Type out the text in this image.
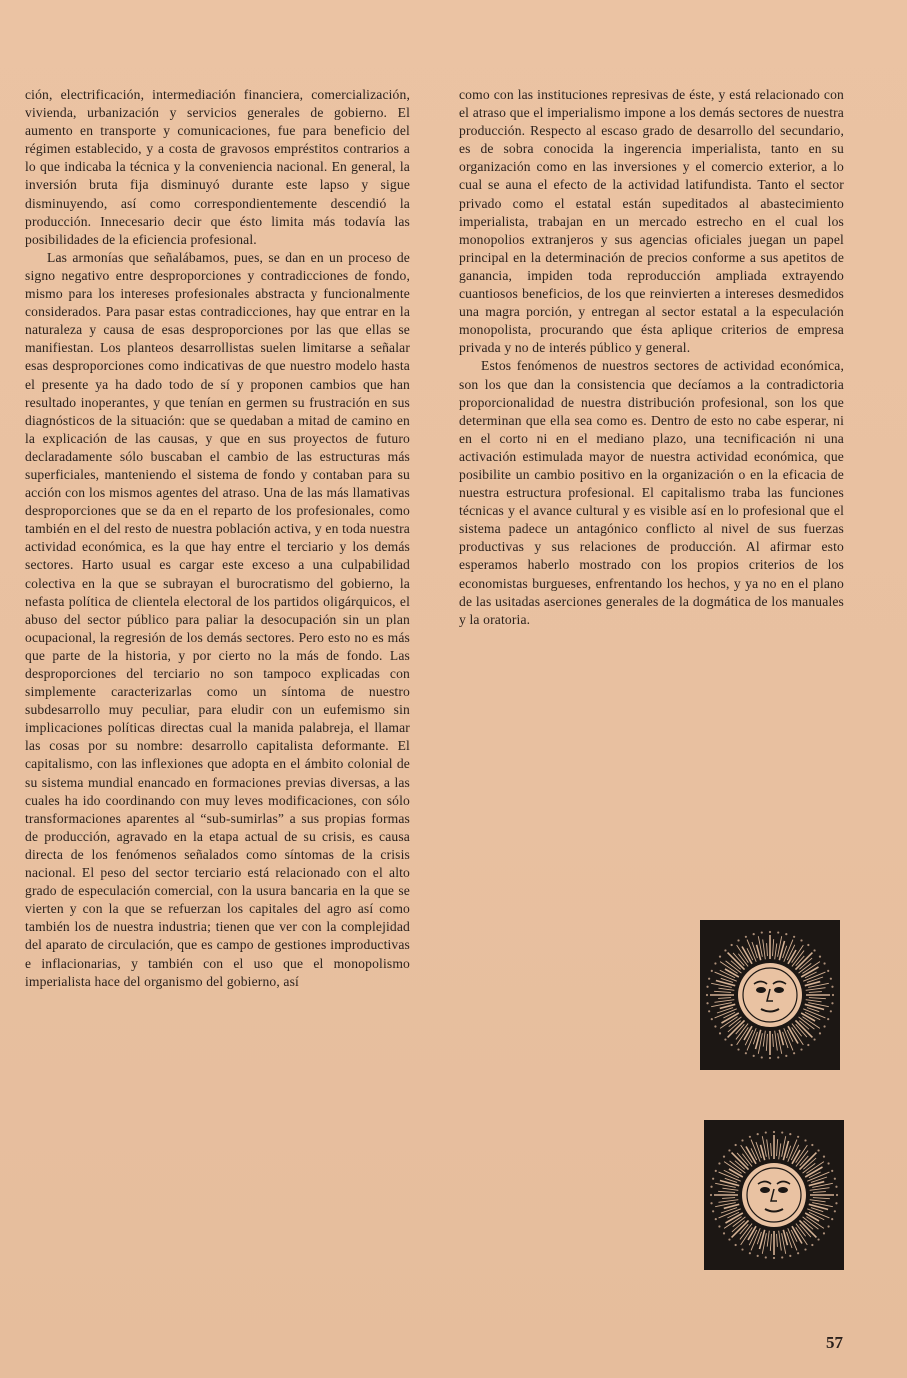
ción, electrificación, intermediación financiera, comercialización, vivienda, urbanización y servicios generales de gobierno. El aumento en transporte y comunicaciones, fue para beneficio del régimen establecido, y a costa de gravosos empréstitos contrarios a lo que indicaba la técnica y la conveniencia nacional. En general, la inversión bruta fija disminuyó durante este lapso y sigue disminuyendo, así como correspondientemente descendió la producción. Innecesario decir que ésto limita más todavía las posibilidades de la eficiencia profesional.

Las armonías que señalábamos, pues, se dan en un proceso de signo negativo entre desproporciones y contradicciones de fondo, mismo para los intereses profesionales abstracta y funcionalmente considerados. Para pasar estas contradicciones, hay que entrar en la naturaleza y causa de esas desproporciones por las que ellas se manifiestan. Los planteos desarrollistas suelen limitarse a señalar esas desproporciones como indicativas de que nuestro modelo hasta el presente ya ha dado todo de sí y proponen cambios que han resultado inoperantes, y que tenían en germen su frustración en sus diagnósticos de la situación: que se quedaban a mitad de camino en la explicación de las causas, y que en sus proyectos de futuro declaradamente sólo buscaban el cambio de las estructuras más superficiales, manteniendo el sistema de fondo y contaban para su acción con los mismos agentes del atraso. Una de las más llamativas desproporciones que se da en el reparto de los profesionales, como también en el del resto de nuestra población activa, y en toda nuestra actividad económica, es la que hay entre el terciario y los demás sectores. Harto usual es cargar este exceso a una culpabilidad colectiva en la que se subrayan el burocratismo del gobierno, la nefasta política de clientela electoral de los partidos oligárquicos, el abuso del sector público para paliar la desocupación sin un plan ocupacional, la regresión de los demás sectores. Pero esto no es más que parte de la historia, y por cierto no la más de fondo. Las desproporciones del terciario no son tampoco explicadas con simplemente caracterizarlas como un síntoma de nuestro subdesarrollo muy peculiar, para eludir con un eufemismo sin implicaciones políticas directas cual la manida palabreja, el llamar las cosas por su nombre: desarrollo capitalista deformante. El capitalismo, con las inflexiones que adopta en el ámbito colonial de su sistema mundial enancado en formaciones previas diversas, a las cuales ha ido coordinando con muy leves modificaciones, con sólo transformaciones aparentes al “sub-sumirlas” a sus propias formas de producción, agravado en la etapa actual de su crisis, es causa directa de los fenómenos señalados como síntomas de la crisis nacional. El peso del sector terciario está relacionado con el alto grado de especulación comercial, con la usura bancaria en la que se vierten y con la que se refuerzan los capitales del agro así como también los de nuestra industria; tienen que ver con la complejidad del aparato de circulación, que es campo de gestiones improductivas e inflacionarias, y también con el uso que el monopolismo imperialista hace del organismo del gobierno, así

como con las instituciones represivas de éste, y está relacionado con el atraso que el imperialismo impone a los demás sectores de nuestra producción. Respecto al escaso grado de desarrollo del secundario, es de sobra conocida la ingerencia imperialista, tanto en su organización como en las inversiones y el comercio exterior, a lo cual se auna el efecto de la actividad latifundista. Tanto el sector privado como el estatal están supeditados al abastecimiento imperialista, trabajan en un mercado estrecho en el cual los monopolios extranjeros y sus agencias oficiales juegan un papel principal en la determinación de precios conforme a sus apetitos de ganancia, impiden toda reproducción ampliada extrayendo cuantiosos beneficios, de los que reinvierten a intereses desmedidos una magra porción, y entregan al sector estatal a la especulación monopolista, procurando que ésta aplique criterios de empresa privada y no de interés público y general.

Estos fenómenos de nuestros sectores de actividad económica, son los que dan la consistencia que decíamos a la contradictoria proporcionalidad de nuestra distribución profesional, son los que determinan que ella sea como es. Dentro de esto no cabe esperar, ni en el corto ni en el mediano plazo, una tecnificación ni una activación estimulada mayor de nuestra actividad económica, que posibilite un cambio positivo en la organización o en la eficacia de nuestra estructura profesional. El capitalismo traba las funciones técnicas y el avance cultural y es visible así en lo profesional que el sistema padece un antagónico conflicto al nivel de sus fuerzas productivas y sus relaciones de producción. Al afirmar esto esperamos haberlo mostrado con los propios criterios de los economistas burgueses, enfrentando los hechos, y ya no en el plano de las usitadas aserciones generales de la dogmática de los manuales y la oratoria.

57
